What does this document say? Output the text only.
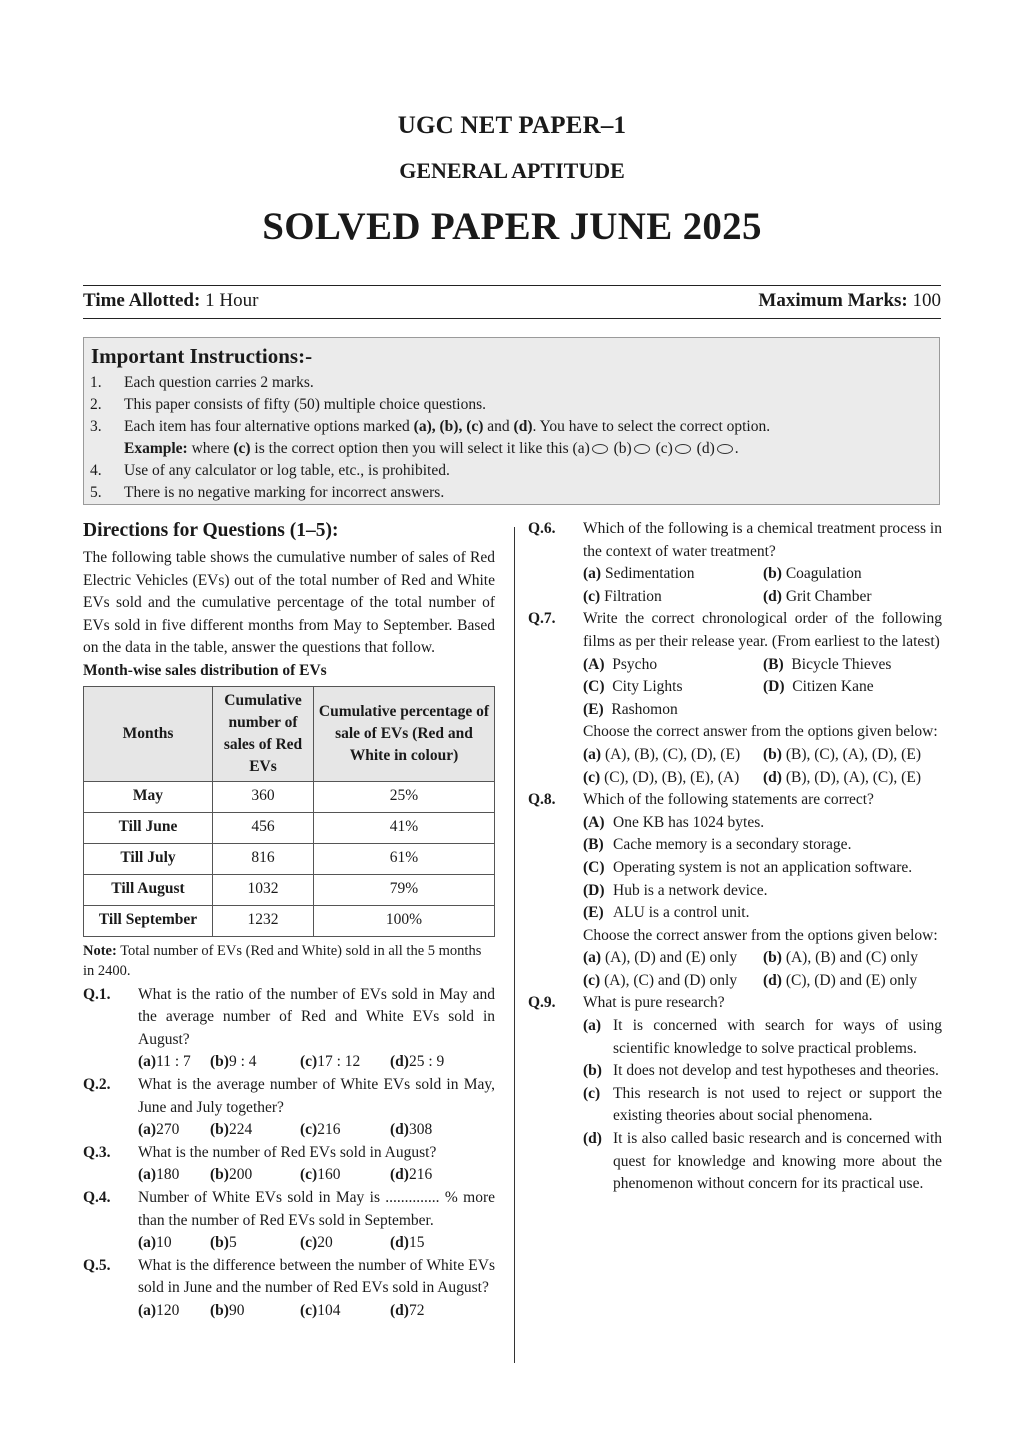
UGC NET PAPER–1
GENERAL APTITUDE
SOLVED PAPER JUNE 2025
Time Allotted: 1 Hour	Maximum Marks: 100
Important Instructions:-
1. Each question carries 2 marks.
2. This paper consists of fifty (50) multiple choice questions.
3. Each item has four alternative options marked (a), (b), (c) and (d). You have to select the correct option.
Example: where (c) is the correct option then you will select it like this (a) (b) (c) (d) .
4. Use of any calculator or log table, etc., is prohibited.
5. There is no negative marking for incorrect answers.
Directions for Questions (1–5):
The following table shows the cumulative number of sales of Red Electric Vehicles (EVs) out of the total number of Red and White EVs sold and the cumulative percentage of the total number of EVs sold in five different months from May to September. Based on the data in the table, answer the questions that follow.
Month-wise sales distribution of EVs
Months	Cumulative number of sales of Red EVs	Cumulative percentage of sale of EVs (Red and White in colour)
May	360	25%
Till June	456	41%
Till July	816	61%
Till August	1032	79%
Till September	1232	100%
Note: Total number of EVs (Red and White) sold in all the 5 months in 2400.
Q.1. What is the ratio of the number of EVs sold in May and the average number of Red and White EVs sold in August?
(a)11 : 7	(b)9 : 4	(c)17 : 12	(d)25 : 9
Q.2. What is the average number of White EVs sold in May, June and July together?
(a)270	(b)224	(c)216	(d)308
Q.3. What is the number of Red EVs sold in August?
(a)180	(b)200	(c)160	(d)216
Q.4. Number of White EVs sold in May is .............. % more than the number of Red EVs sold in September.
(a)10	(b)5	(c)20	(d)15
Q.5. What is the difference between the number of White EVs sold in June and the number of Red EVs sold in August?
(a)120	(b)90	(c)104	(d)72
Q.6. Which of the following is a chemical treatment process in the context of water treatment?
(a) Sedimentation	(b) Coagulation
(c) Filtration	(d) Grit Chamber
Q.7. Write the correct chronological order of the following films as per their release year. (From earliest to the latest)
(A) Psycho	(B) Bicycle Thieves
(C) City Lights	(D) Citizen Kane
(E) Rashomon
Choose the correct answer from the options given below:
(a) (A), (B), (C), (D), (E)	(b) (B), (C), (A), (D), (E)
(c) (C), (D), (B), (E), (A)	(d) (B), (D), (A), (C), (E)
Q.8. Which of the following statements are correct?
(A) One KB has 1024 bytes.
(B) Cache memory is a secondary storage.
(C) Operating system is not an application software.
(D) Hub is a network device.
(E) ALU is a control unit.
Choose the correct answer from the options given below:
(a) (A), (D) and (E) only	(b) (A), (B) and (C) only
(c) (A), (C) and (D) only	(d) (C), (D) and (E) only
Q.9. What is pure research?
(a) It is concerned with search for ways of using scientific knowledge to solve practical problems.
(b) It does not develop and test hypotheses and theories.
(c) This research is not used to reject or support the existing theories about social phenomena.
(d) It is also called basic research and is concerned with quest for knowledge and knowing more about the phenomenon without concern for its practical use.
